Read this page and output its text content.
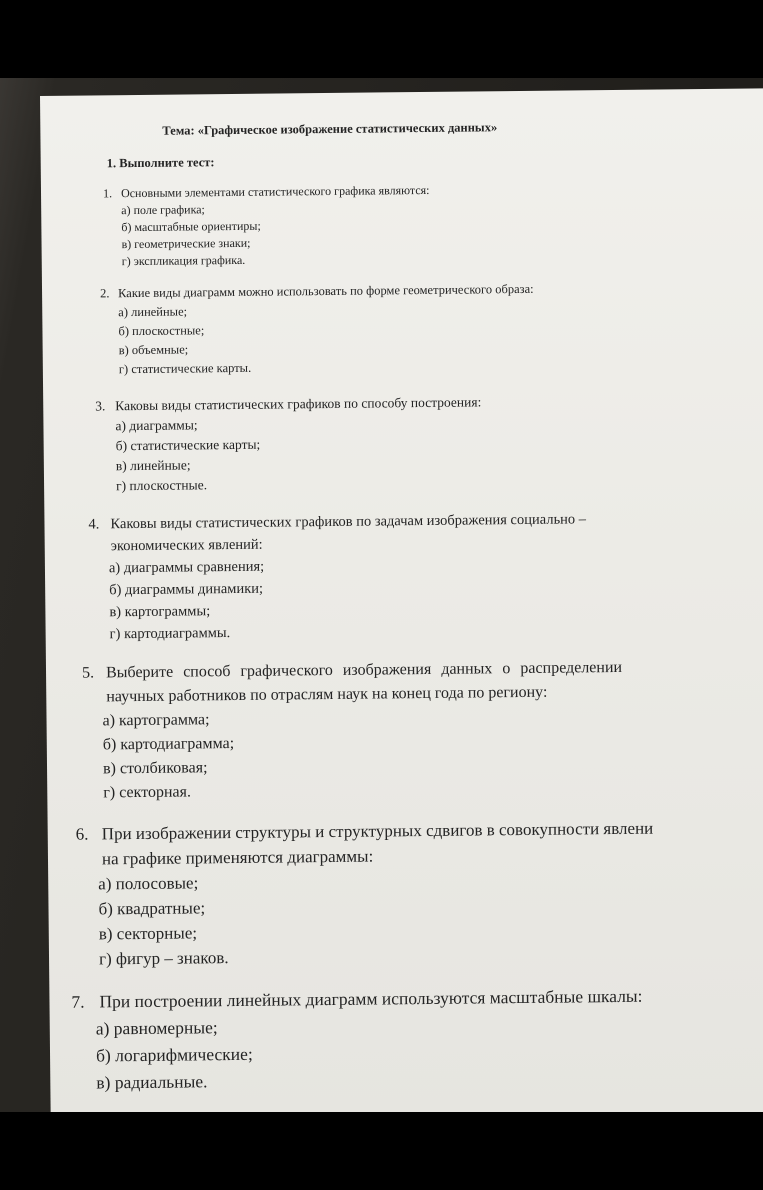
Тема: «Графическое изображение статистических данных»
1. Выполните тест:
1. Основными элементами статистического графика являются:
а) поле графика;
б) масштабные ориентиры;
в) геометрические знаки;
г) экспликация графика.
2. Какие виды диаграмм можно использовать по форме геометрического образа:
а) линейные;
б) плоскостные;
в) объемные;
г) статистические карты.
3. Каковы виды статистических графиков по способу построения:
а) диаграммы;
б) статистические карты;
в) линейные;
г) плоскостные.
4. Каковы виды статистических графиков по задачам изображения социально –
экономических явлений:
а) диаграммы сравнения;
б) диаграммы динамики;
в) картограммы;
г) картодиаграммы.
5. Выберите способ графического изображения данных о распределении
научных работников по отраслям наук на конец года по региону:
а) картограмма;
б) картодиаграмма;
в) столбиковая;
г) секторная.
6. При изображении структуры и структурных сдвигов в совокупности явлени
на графике применяются диаграммы:
а) полосовые;
б) квадратные;
в) секторные;
г) фигур – знаков.
7. При построении линейных диаграмм используются масштабные шкалы:
а) равномерные;
б) логарифмические;
в) радиальные.
